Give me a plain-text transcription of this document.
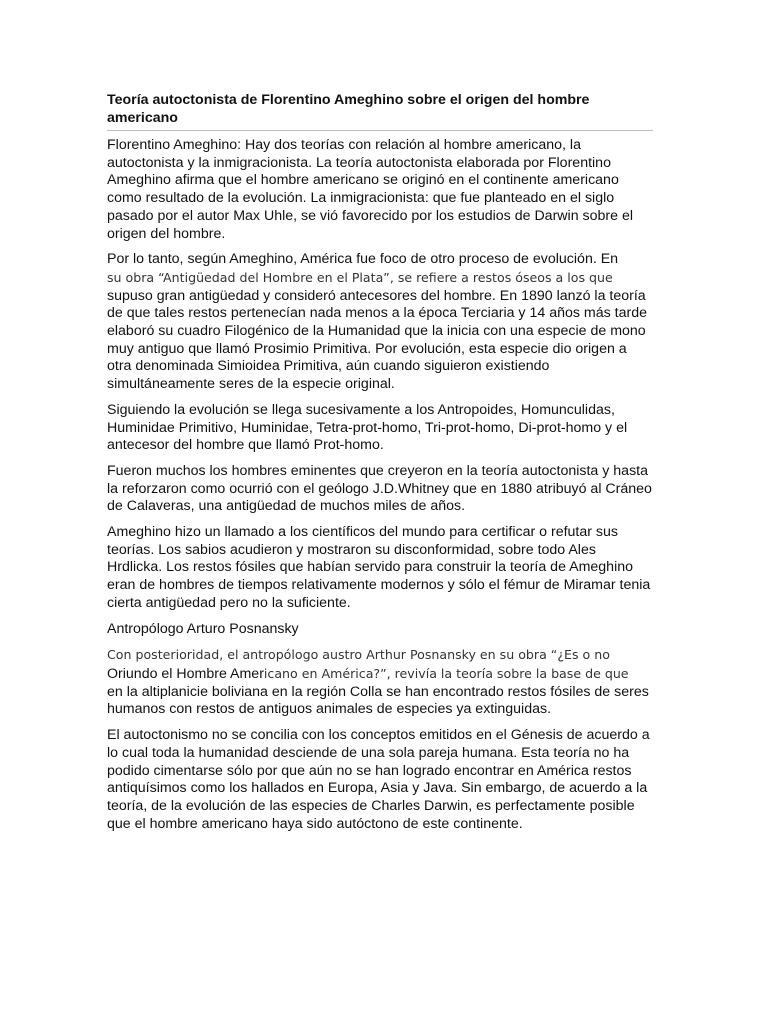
Teoría autoctonista de Florentino Ameghino sobre el origen del hombre americano

Florentino Ameghino: Hay dos teorías con relación al hombre americano, la autoctonista y la inmigracionista. La teoría autoctonista elaborada por Florentino Ameghino afirma que el hombre americano se originó en el continente americano como resultado de la evolución. La inmigracionista: que fue planteado en el siglo pasado por el autor Max Uhle, se vió favorecido por los estudios de Darwin sobre el origen del hombre.

Por lo tanto, según Ameghino, América fue foco de otro proceso de evolución. En
su obra “Antigüedad del Hombre en el Plata”, se refiere a restos óseos a los que
supuso gran antigüedad y consideró antecesores del hombre. En 1890 lanzó la teoría de que tales restos pertenecían nada menos a la época Terciaria y 14 años más tarde elaboró su cuadro Filogénico de la Humanidad que la inicia con una especie de mono muy antiguo que llamó Prosimio Primitiva. Por evolución, esta especie dio origen a otra denominada Simioidea Primitiva, aún cuando siguieron existiendo simultáneamente seres de la especie original.

Siguiendo la evolución se llega sucesivamente a los Antropoides, Homunculidas, Huminidae Primitivo, Huminidae, Tetra-prot-homo, Tri-prot-homo, Di-prot-homo y el antecesor del hombre que llamó Prot-homo.

Fueron muchos los hombres eminentes que creyeron en la teoría autoctonista y hasta la reforzaron como ocurrió con el geólogo J.D.Whitney que en 1880 atribuyó al Cráneo de Calaveras, una antigüedad de muchos miles de años.

Ameghino hizo un llamado a los científicos del mundo para certificar o refutar sus teorías. Los sabios acudieron y mostraron su disconformidad, sobre todo Ales Hrdlicka. Los restos fósiles que habían servido para construir la teoría de Ameghino eran de hombres de tiempos relativamente modernos y sólo el fémur de Miramar tenia cierta antigüedad pero no la suficiente.

Antropólogo Arturo Posnansky

Con posterioridad, el antropólogo austro Arthur Posnansky en su obra “¿Es o no
Oriundo el Hombre Americano en América?”, revivía la teoría sobre la base de que
en la altiplanicie boliviana en la región Colla se han encontrado restos fósiles de seres humanos con restos de antiguos animales de especies ya extinguidas.

El autoctonismo no se concilia con los conceptos emitidos en el Génesis de acuerdo a lo cual toda la humanidad desciende de una sola pareja humana. Esta teoría no ha podido cimentarse sólo por que aún no se han logrado encontrar en América restos antiquísimos como los hallados en Europa, Asia y Java. Sin embargo, de acuerdo a la teoría, de la evolución de las especies de Charles Darwin, es perfectamente posible que el hombre americano haya sido autóctono de este continente.
